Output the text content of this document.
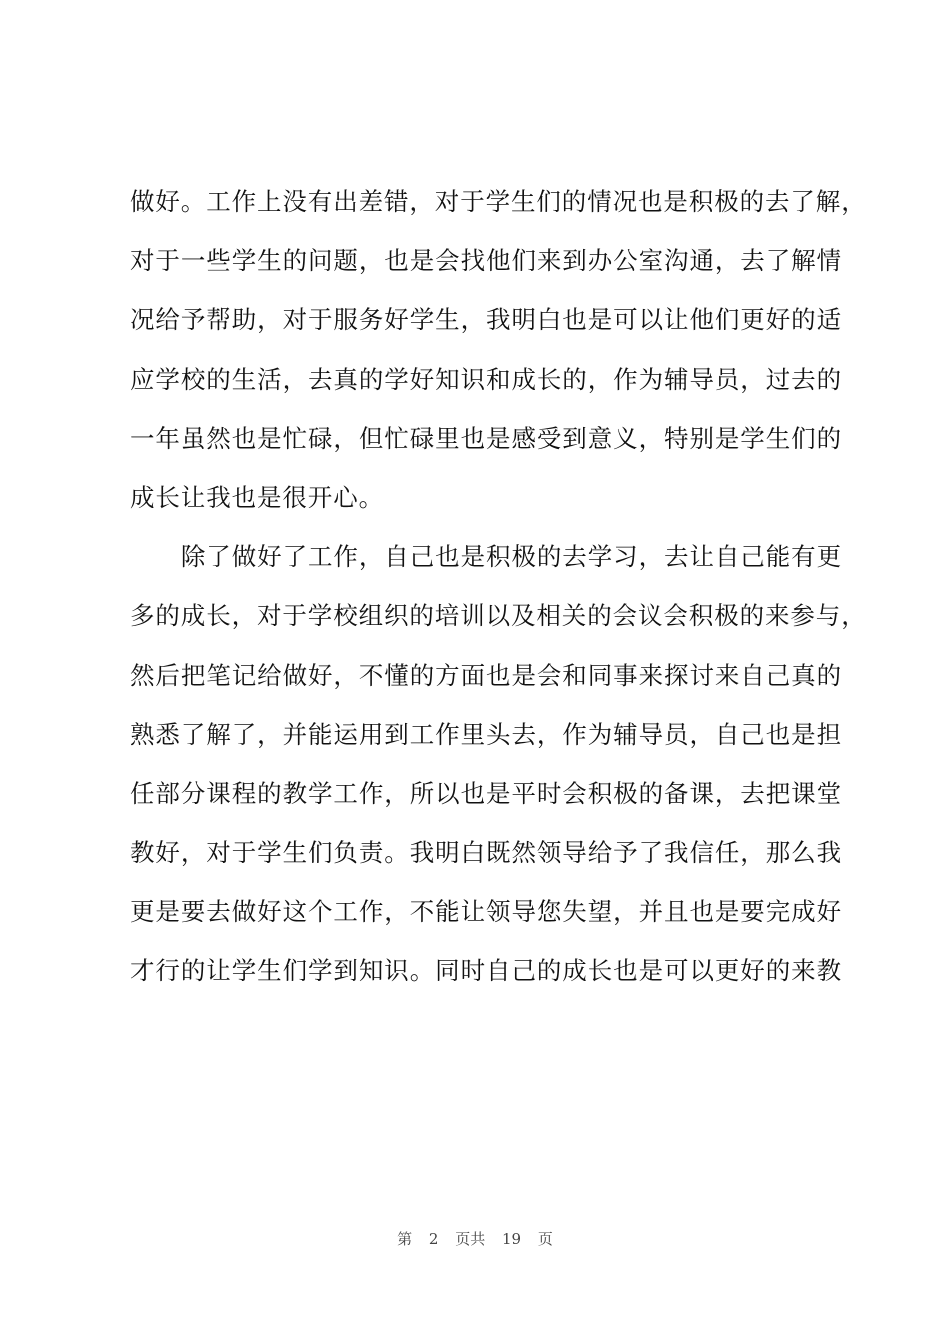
做好。工作上没有出差错，对于学生们的情况也是积极的去了解，
对于一些学生的问题，也是会找他们来到办公室沟通，去了解情
况给予帮助，对于服务好学生，我明白也是可以让他们更好的适
应学校的生活，去真的学好知识和成长的，作为辅导员，过去的
一年虽然也是忙碌，但忙碌里也是感受到意义，特别是学生们的
成长让我也是很开心。
　　除了做好了工作，自己也是积极的去学习，去让自己能有更
多的成长，对于学校组织的培训以及相关的会议会积极的来参与，
然后把笔记给做好，不懂的方面也是会和同事来探讨来自己真的
熟悉了解了，并能运用到工作里头去，作为辅导员，自己也是担
任部分课程的教学工作，所以也是平时会积极的备课，去把课堂
教好，对于学生们负责。我明白既然领导给予了我信任，那么我
更是要去做好这个工作，不能让领导您失望，并且也是要完成好
才行的让学生们学到知识。同时自己的成长也是可以更好的来教
第 2 页共 19 页
